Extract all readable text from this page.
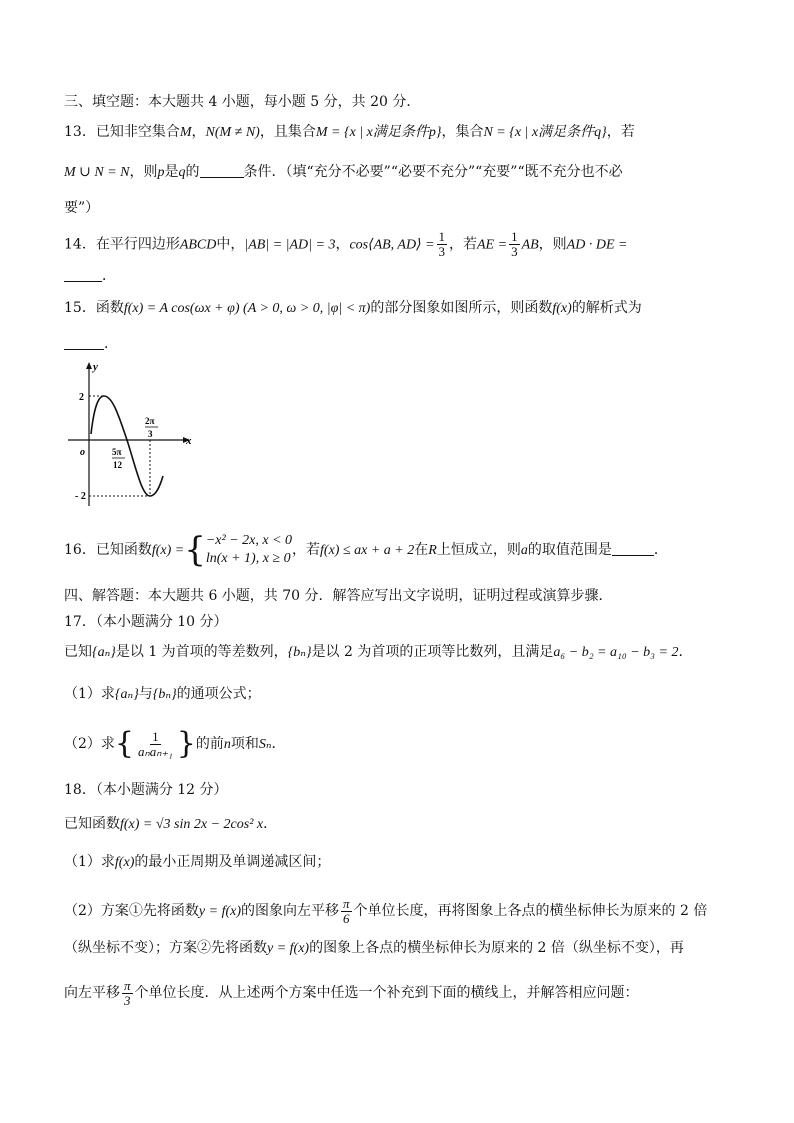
三、填空题：本大题共 4 小题，每小题 5 分，共 20 分．
13．已知非空集合M，N(M ≠ N)，且集合M = {x | x满足条件p}，集合N = {x | x满足条件q}，若
M ∪ N = N，则p是q的	条件．（填“充分不必要”“必要不充分”“充要”“既不充分也不必
要”）
14．在平行四边形ABCD中，|AB| = |AD| = 3，cos⟨AB, AD⟩ = $\frac{1}{3}$ ，若AE = $\frac{1}{3}$ AB，则AD · DE =
．
15．函数f(x) = A cos(ωx + φ) (A > 0, ω > 0, |φ| < π)的部分图象如图所示，则函数f(x)的解析式为
．
y
x
o
2
- 2
5π
12
2π
3
16．已知函数f(x) ={ −x² − 2x, x < 0
ln(x + 1), x ≥ 0
，若f(x) ≤ ax + a + 2在R上恒成立，则a的取值范围是	．
四、解答题：本大题共 6 小题，共 70 分．解答应写出文字说明，证明过程或演算步骤．
17．（本小题满分 10 分）
已知{aₙ}是以 1 为首项的等差数列，{bₙ}是以 2 为首项的正项等比数列，且满足a₆ − b₂ = a₁₀ − b₃ = 2．
（1）求{aₙ}与{bₙ}的通项公式；
（2）求{ $\frac{1}{\text{aₙaₙ₊₁}}$ }的前n项和Sₙ．
18．（本小题满分 12 分）
已知函数f(x) = √3 sin 2x − 2cos² x．
（1）求f(x)的最小正周期及单调递减区间；
（2）方案①先将函数y = f(x)的图象向左平移 $\frac{\pi}{6}$ 个单位长度，再将图象上各点的横坐标伸长为原来的 2 倍
（纵坐标不变）；方案②先将函数y = f(x)的图象上各点的横坐标伸长为原来的 2 倍（纵坐标不变），再
向左平移 $\frac{\pi}{3}$ 个单位长度．从上述两个方案中任选一个补充到下面的横线上，并解答相应问题：
